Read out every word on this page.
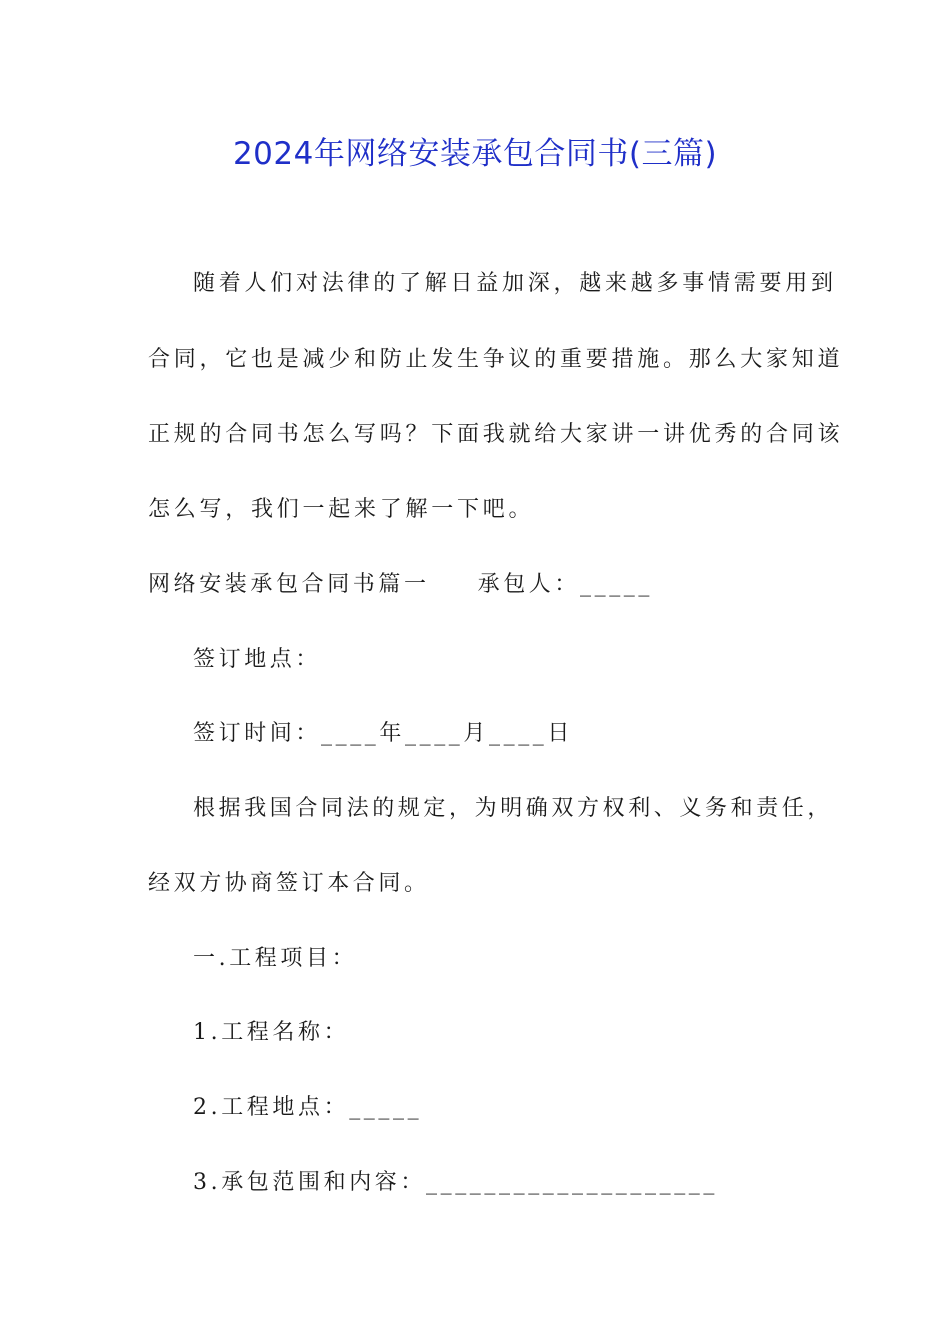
2024年网络安装承包合同书(三篇)
随着人们对法律的了解日益加深，越来越多事情需要用到
合同，它也是减少和防止发生争议的重要措施。那么大家知道
正规的合同书怎么写吗？下面我就给大家讲一讲优秀的合同该
怎么写，我们一起来了解一下吧。
网络安装承包合同书篇一 承包人：_____
签订地点：
签订时间：____年____月____日
根据我国合同法的规定，为明确双方权利、义务和责任，
经双方协商签订本合同。
一.工程项目：
1.工程名称：
2.工程地点：_____
3.承包范围和内容：____________________
